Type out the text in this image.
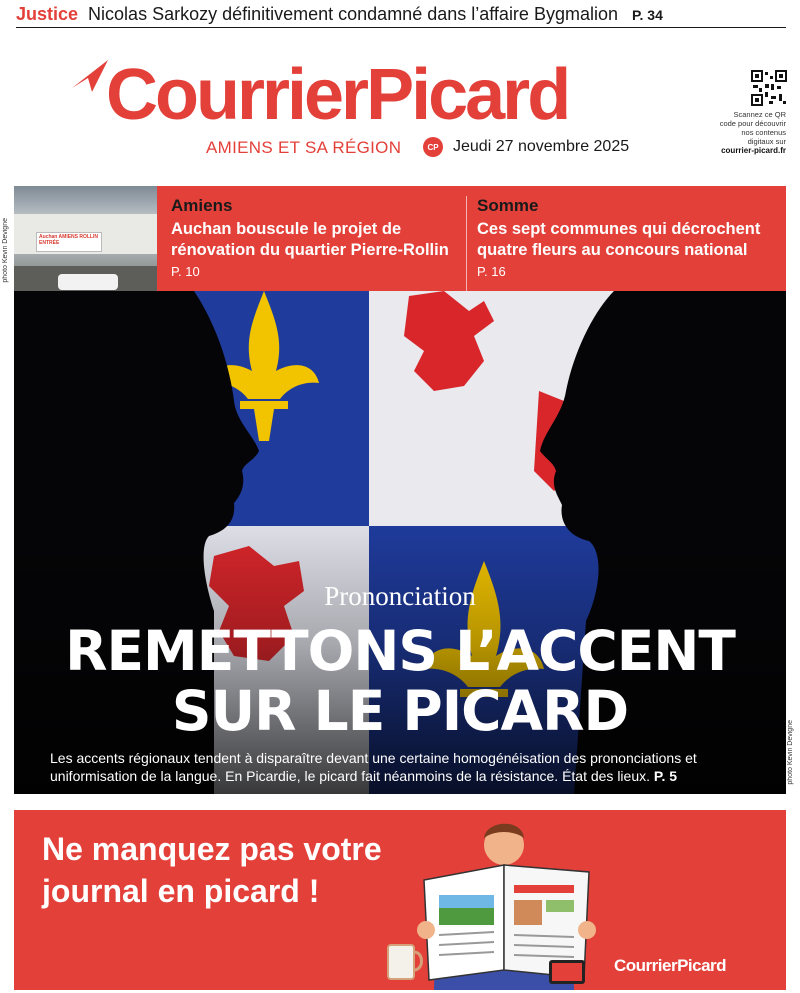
Justice Nicolas Sarkozy définitivement condamné dans l’affaire Bygmalion P. 34
CourrierPicard
AMIENS ET SA RÉGION	CP Jeudi 27 novembre 2025
Scannez ce QR code pour découvrir nos contenus digitaux sur
courrier-picard.fr
photo Kevin Devigne	Auchan AMIENS ROLLIN ENTRÉE
Amiens
Auchan bouscule le projet de rénovation du quartier Pierre-Rollin P. 10
Somme
Ces sept communes qui décrochent quatre fleurs au concours national P. 16
Prononciation
REMETTONS L’ACCENT
SUR LE PICARD
Les accents régionaux tendent à disparaître devant une certaine homogénéisation des prononciations et uniformisation de la langue. En Picardie, le picard fait néanmoins de la résistance. État des lieux. P. 5	photo Kevin Devigne
Ne manquez pas votre
journal en picard !
CourrierPicard
